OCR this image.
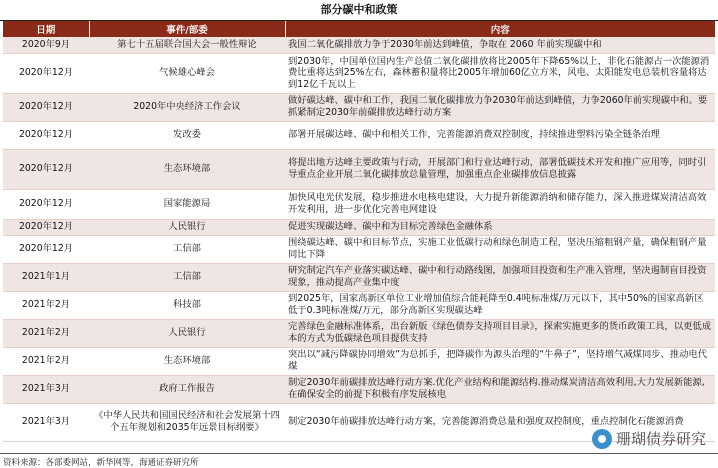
部分碳中和政策
日期	事件/部委	内容
2020年9月	第七十五届联合国大会一般性辩论	我国二氧化碳排放力争于2030年前达到峰值，争取在 2060 年前实现碳中和
2020年12月	气候雄心峰会	到2030年，中国单位国内生产总值二氧化碳排放将比2005年下降65%以上，非化石能源占一次能源消费比重将达到25%左右，森林蓄积量将比2005年增加60亿立方米，风电、太阳能发电总装机容量将达到12亿千瓦以上
2020年12月	2020年中央经济工作会议	做好碳达峰、碳中和工作，我国二氧化碳排放力争2030年前达到峰值，力争2060年前实现碳中和。要抓紧制定2030年前碳排放达峰行动方案
2020年12月	发改委	部署开展碳达峰、碳中和相关工作，完善能源消费双控制度，持续推进塑料污染全链条治理
2020年12月	生态环境部	将提出地方达峰主要政策与行动，开展部门和行业达峰行动，部署低碳技术开发和推广应用等，同时引导重点企业开展二氧化碳排放总量管理，加强重点企业碳排放信息披露
2020年12月	国家能源局	加快风电光伏发展，稳步推进水电核电建设，大力提升新能源消纳和储存能力，深入推进煤炭清洁高效开发利用，进一步优化完善电网建设
2020年12月	人民银行	促进实现碳达峰、碳中和为目标完善绿色金融体系
2020年12月	工信部	围绕碳达峰、碳中和目标节点，实施工业低碳行动和绿色制造工程，坚决压缩粗钢产量，确保粗钢产量同比下降
2021年1月	工信部	研究制定汽车产业落实碳达峰、碳中和行动路线图，加强项目投资和生产准入管理，坚决遏制盲目投资现象，推动提高产业集中度
2021年2月	科技部	到2025年，国家高新区单位工业增加值综合能耗降至0.4吨标准煤/万元以下，其中50%的国家高新区低于0.3吨标准煤/万元，部分高新区实现碳达峰
2021年2月	人民银行	完善绿色金融标准体系，出台新版《绿色债券支持项目目录》，探索实施更多的货币政策工具，以更低成本的方式为低碳绿色项目提供支持
2021年2月	生态环境部	突出以“减污降碳协同增效”为总抓手，把降碳作为源头治理的“牛鼻子”，坚持增气减煤同步、推动电代煤
2021年3月	政府工作报告	制定2030年前碳排放达峰行动方案.优化产业结构和能源结构.推动煤炭清洁高效利用,大力发展新能源,在确保安全的前提下积极有序发展核电
2021年3月	《中华人民共和国国民经济和社会发展第十四个五年规划和2035年远景目标纲要》	制定2030年前碳排放达峰行动方案，完善能源消费总量和强度双控制度，重点控制化石能源消费
珊瑚债券研究
资料来源：各部委网站，新华网等，海通证券研究所
